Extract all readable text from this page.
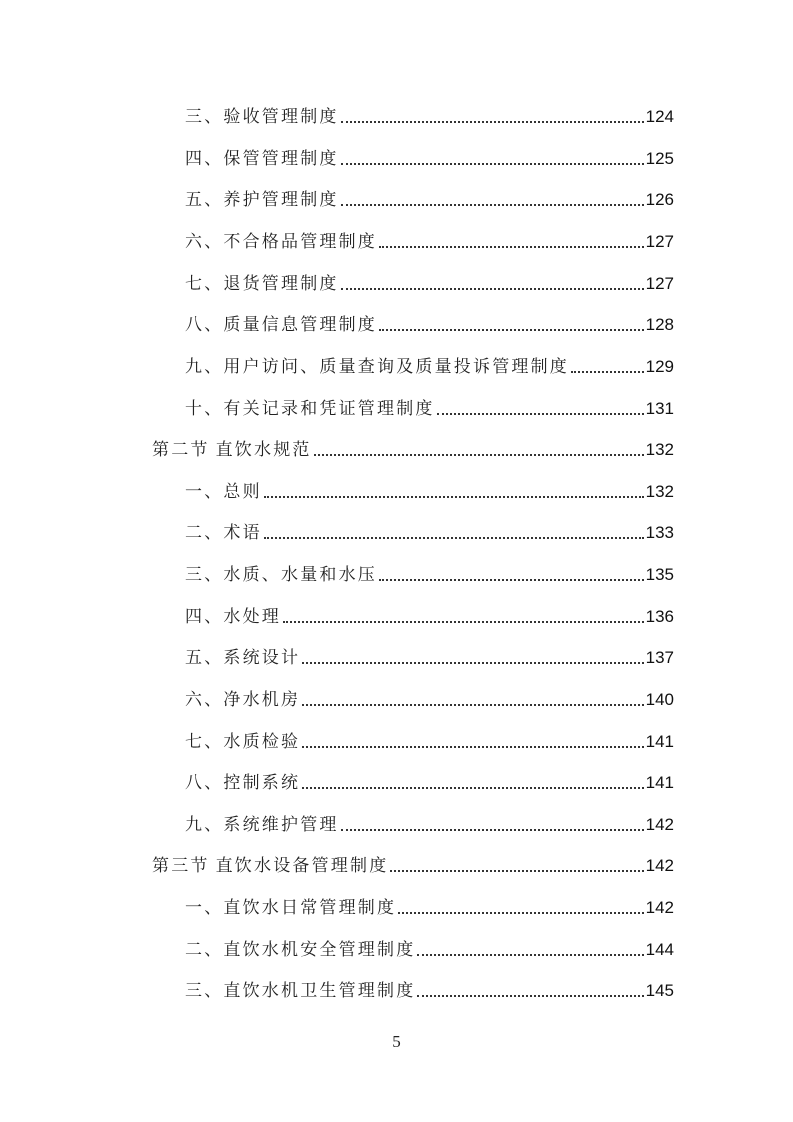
三、验收管理制度	124
四、保管管理制度	125
五、养护管理制度	126
六、不合格品管理制度	127
七、退货管理制度	127
八、质量信息管理制度	128
九、用户访问、质量查询及质量投诉管理制度	129
十、有关记录和凭证管理制度	131
第二节 直饮水规范	132
一、总则	132
二、术语	133
三、水质、水量和水压	135
四、水处理	136
五、系统设计	137
六、净水机房	140
七、水质检验	141
八、控制系统	141
九、系统维护管理	142
第三节 直饮水设备管理制度	142
一、直饮水日常管理制度	142
二、直饮水机安全管理制度	144
三、直饮水机卫生管理制度	145
5
